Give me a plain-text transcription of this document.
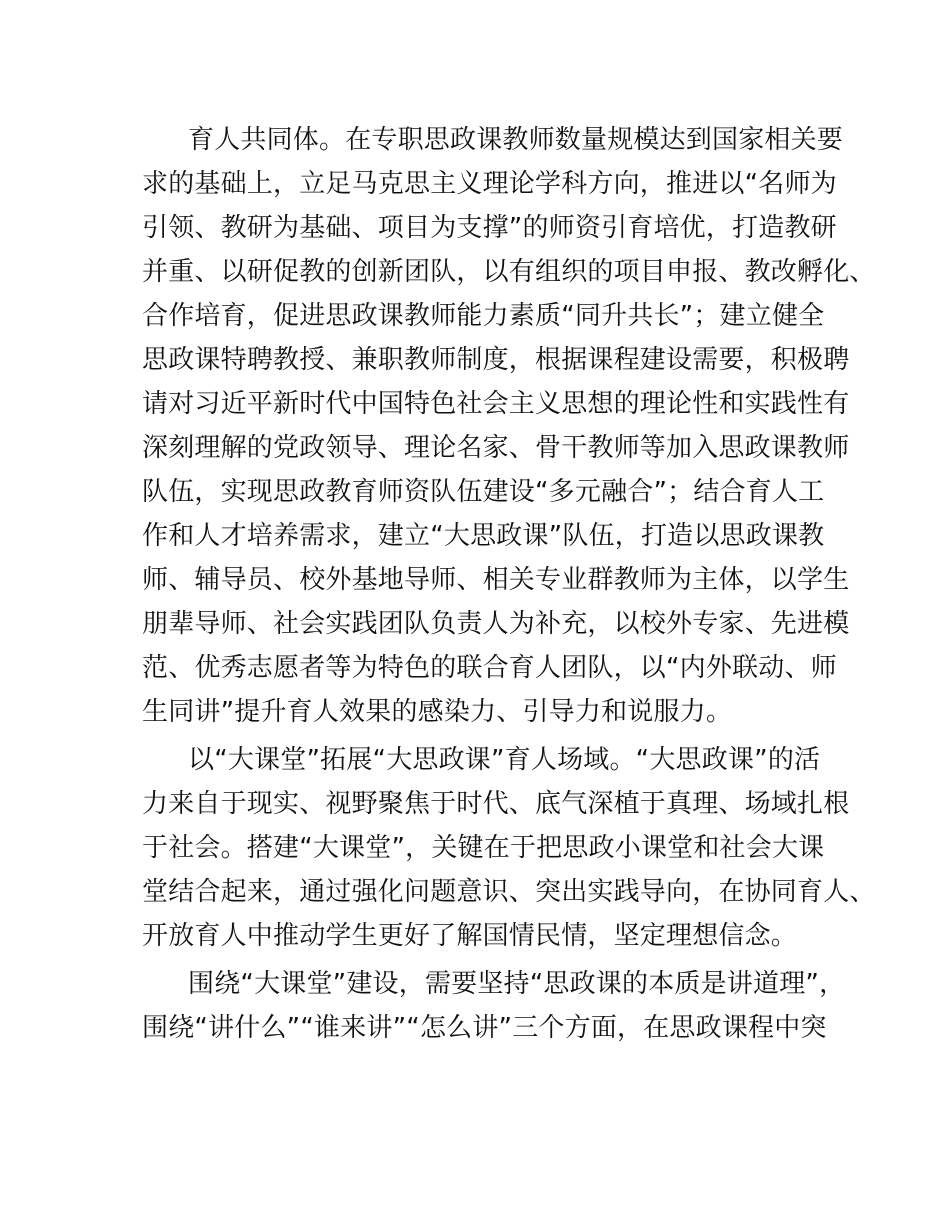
育人共同体。在专职思政课教师数量规模达到国家相关要
求的基础上，立足马克思主义理论学科方向，推进以“名师为
引领、教研为基础、项目为支撑”的师资引育培优，打造教研
并重、以研促教的创新团队，以有组织的项目申报、教改孵化、
合作培育，促进思政课教师能力素质“同升共长”；建立健全
思政课特聘教授、兼职教师制度，根据课程建设需要，积极聘
请对习近平新时代中国特色社会主义思想的理论性和实践性有
深刻理解的党政领导、理论名家、骨干教师等加入思政课教师
队伍，实现思政教育师资队伍建设“多元融合”；结合育人工
作和人才培养需求，建立“大思政课”队伍，打造以思政课教
师、辅导员、校外基地导师、相关专业群教师为主体，以学生
朋辈导师、社会实践团队负责人为补充，以校外专家、先进模
范、优秀志愿者等为特色的联合育人团队，以“内外联动、师
生同讲”提升育人效果的感染力、引导力和说服力。
以“大课堂”拓展“大思政课”育人场域。“大思政课”的活
力来自于现实、视野聚焦于时代、底气深植于真理、场域扎根
于社会。搭建“大课堂”，关键在于把思政小课堂和社会大课
堂结合起来，通过强化问题意识、突出实践导向，在协同育人、
开放育人中推动学生更好了解国情民情，坚定理想信念。
围绕“大课堂”建设，需要坚持“思政课的本质是讲道理”，
围绕“讲什么”“谁来讲”“怎么讲”三个方面，在思政课程中突
